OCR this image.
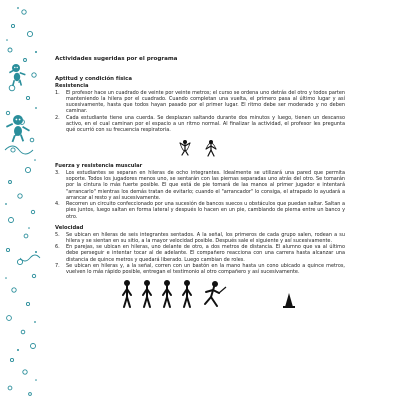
Actividades sugeridas por el programa
Aptitud y condición física
Resistencia
1.	El profesor hace un cuadrado de veinte por veinte metros; el curso se ordena uno detrás del otro y todos parten manteniendo la hilera por el cuadrado. Cuando completan una vuelta, el primero pasa al último lugar y así sucesivamente, hasta que todos hayan pasado por el primer lugar. El ritmo debe ser moderado y no deben caminar.
2.	Cada estudiante tiene una cuerda. Se desplazan saltando durante dos minutos y luego, tienen un descanso activo, en el cual caminan por el espacio a un ritmo normal. Al finalizar la actividad, el profesor les pregunta qué ocurrió con su frecuencia respiratoria.
Fuerza y resistencia muscular
3.	Los estudiantes se separan en hileras de ocho integrantes. Idealmente se utilizará una pared que permita soporte. Todos los jugadores menos uno, se sentarán con las piernas separadas uno atrás del otro. Se tomarán por la cintura lo más fuerte posible. El que está de pie tomará de las manos al primer jugador e intentará "arrancarlo" mientras los demás tratan de evitarlo; cuando el "arrancador" lo consiga, el atrapado lo ayudará a arrancar al resto y así sucesivamente.
4.	Recorren un circuito confeccionado por una sucesión de bancos suecos u obstáculos que puedan saltar. Saltan a pies juntos, luego saltan en forma lateral y después lo hacen en un pie, cambiando de pierna entre un banco y otro.
Velocidad
5.	Se ubican en hileras de seis integrantes sentados. A la señal, los primeros de cada grupo salen, rodean a su hilera y se sientan en su sitio, a la mayor velocidad posible. Después sale el siguiente y así sucesivamente.
6.	En parejas, se ubican en hileras, uno delante de otro, a dos metros de distancia. El alumno que va al último debe perseguir e intentar tocar al de adelante. El compañero reacciona con una carrera hasta alcanzar una distancia de quince metros y quedará liberado. Luego cambian de roles.
7.	Se ubican en hileras y, a la señal, corren con un bastón en la mano hasta un cono ubicado a quince metros, vuelven lo más rápido posible, entregan el testimonio al otro compañero y así sucesivamente.
